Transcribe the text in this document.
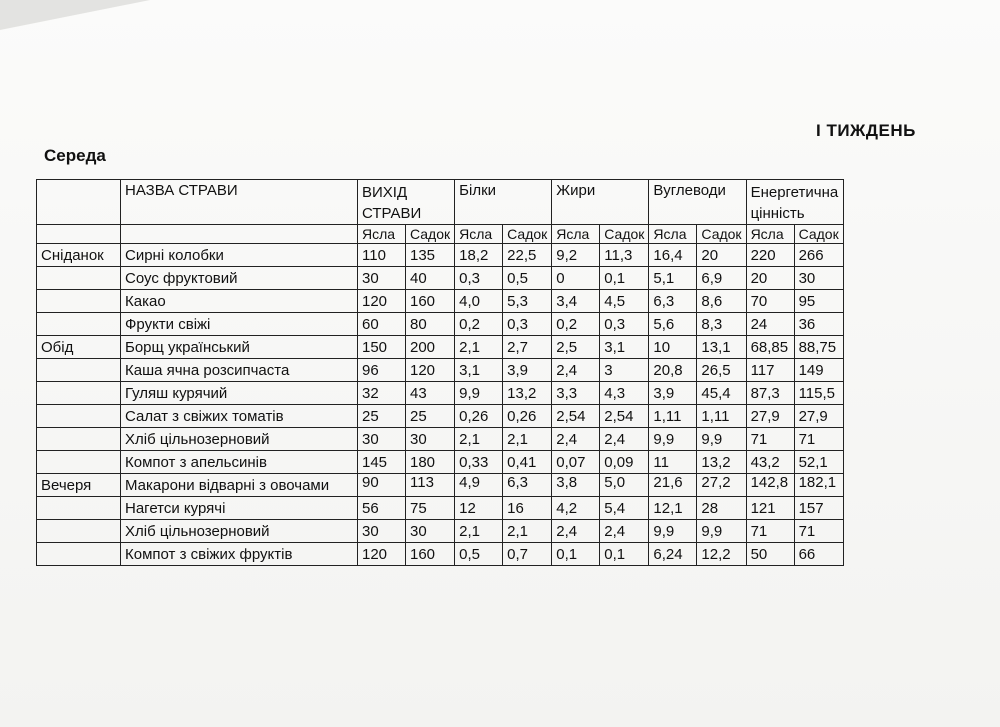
Середа
І ТИЖДЕНЬ
	НАЗВА СТРАВИ	ВИХІД СТРАВИ		Білки		Жири		Вуглеводи		Енергетична цінність	
		Ясла	Садок	Ясла	Садок	Ясла	Садок	Ясла	Садок	Ясла	Садок
Сніданок	Сирні колобки	110	135	18,2	22,5	9,2	11,3	16,4	20	220	266
	Соус фруктовий	30	40	0,3	0,5	0	0,1	5,1	6,9	20	30
	Какао	120	160	4,0	5,3	3,4	4,5	6,3	8,6	70	95
	Фрукти свіжі	60	80	0,2	0,3	0,2	0,3	5,6	8,3	24	36
Обід	Борщ український	150	200	2,1	2,7	2,5	3,1	10	13,1	68,85	88,75
	Каша ячна розсипчаста	96	120	3,1	3,9	2,4	3	20,8	26,5	117	149
	Гуляш курячий	32	43	9,9	13,2	3,3	4,3	3,9	45,4	87,3	115,5
	Салат з свіжих томатів	25	25	0,26	0,26	2,54	2,54	1,11	1,11	27,9	27,9
	Хліб цільнозерновий	30	30	2,1	2,1	2,4	2,4	9,9	9,9	71	71
	Компот з апельсинів	145	180	0,33	0,41	0,07	0,09	11	13,2	43,2	52,1
Вечеря	Макарони відварні з овочами	90	113	4,9	6,3	3,8	5,0	21,6	27,2	142,8	182,1
	Нагетси курячі	56	75	12	16	4,2	5,4	12,1	28	121	157
	Хліб цільнозерновий	30	30	2,1	2,1	2,4	2,4	9,9	9,9	71	71
	Компот з свіжих фруктів	120	160	0,5	0,7	0,1	0,1	6,24	12,2	50	66
